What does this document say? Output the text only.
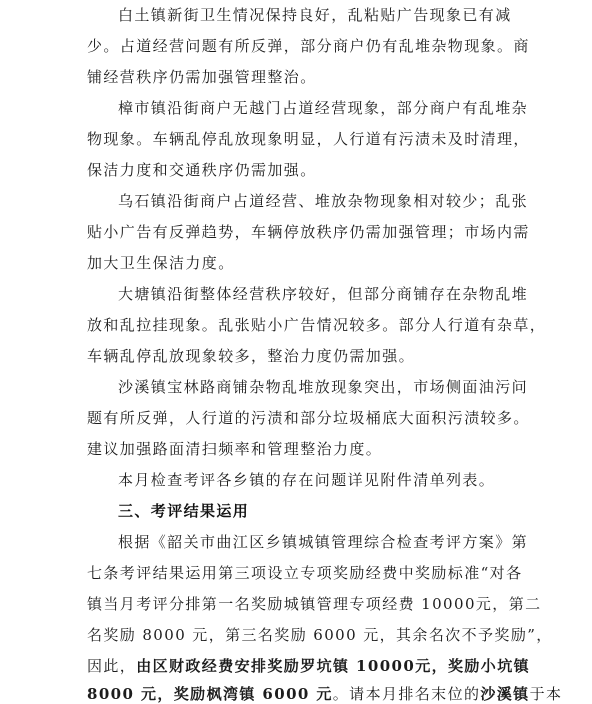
白土镇新街卫生情况保持良好，乱粘贴广告现象已有减
少。占道经营问题有所反弹，部分商户仍有乱堆杂物现象。商
铺经营秩序仍需加强管理整治。
樟市镇沿街商户无越门占道经营现象，部分商户有乱堆杂
物现象。车辆乱停乱放现象明显，人行道有污渍未及时清理，
保洁力度和交通秩序仍需加强。
乌石镇沿街商户占道经营、堆放杂物现象相对较少；乱张
贴小广告有反弹趋势，车辆停放秩序仍需加强管理；市场内需
加大卫生保洁力度。
大塘镇沿街整体经营秩序较好，但部分商铺存在杂物乱堆
放和乱拉挂现象。乱张贴小广告情况较多。部分人行道有杂草，
车辆乱停乱放现象较多，整治力度仍需加强。
沙溪镇宝林路商铺杂物乱堆放现象突出，市场侧面油污问
题有所反弹，人行道的污渍和部分垃圾桶底大面积污渍较多。
建议加强路面清扫频率和管理整治力度。
本月检查考评各乡镇的存在问题详见附件清单列表。
三、考评结果运用
根据《韶关市曲江区乡镇城镇管理综合检查考评方案》第
七条考评结果运用第三项设立专项奖励经费中奖励标准“对各
镇当月考评分排第一名奖励城镇管理专项经费 10000元，第二
名奖励 8000 元，第三名奖励 6000 元，其余名次不予奖励”，
因此，由区财政经费安排奖励罗坑镇 10000元，奖励小坑镇
8000 元，奖励枫湾镇 6000 元。请本月排名末位的沙溪镇于本
